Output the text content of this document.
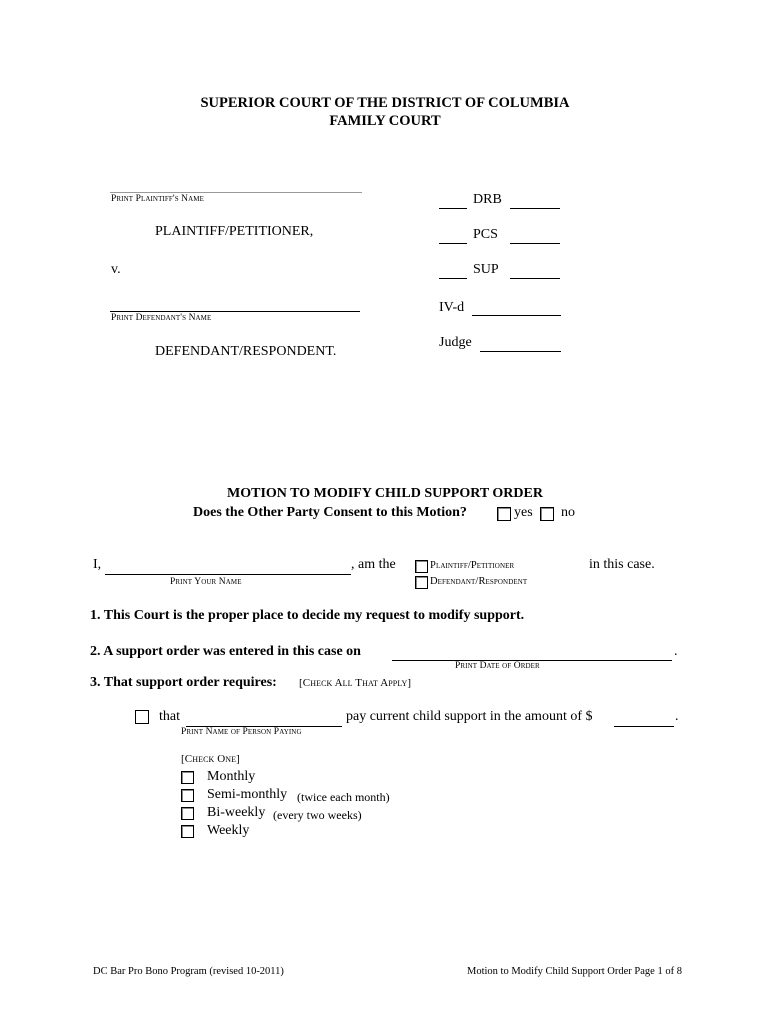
SUPERIOR COURT OF THE DISTRICT OF COLUMBIA
FAMILY COURT
Print Plaintiff's Name
PLAINTIFF/PETITIONER,
v.
Print Defendant's Name
DEFENDANT/RESPONDENT.
DRB
PCS
SUP
IV-d
Judge
MOTION TO MODIFY CHILD SUPPORT ORDER
Does the Other Party Consent to this Motion?	yes no
I,	, am the
Print Your Name
Plaintiff/Petitioner
Defendant/Respondent
in this case.
1. This Court is the proper place to decide my request to modify support.
2. A support order was entered in this case on	.
Print Date of Order
3. That support order requires: [Check All That Apply]
that	pay current child support in the amount of $	.
Print Name of Person Paying
[Check One]
Monthly
Semi-monthly (twice each month)
Bi-weekly (every two weeks)
Weekly
DC Bar Pro Bono Program (revised 10-2011)	Motion to Modify Child Support Order Page 1 of 8
